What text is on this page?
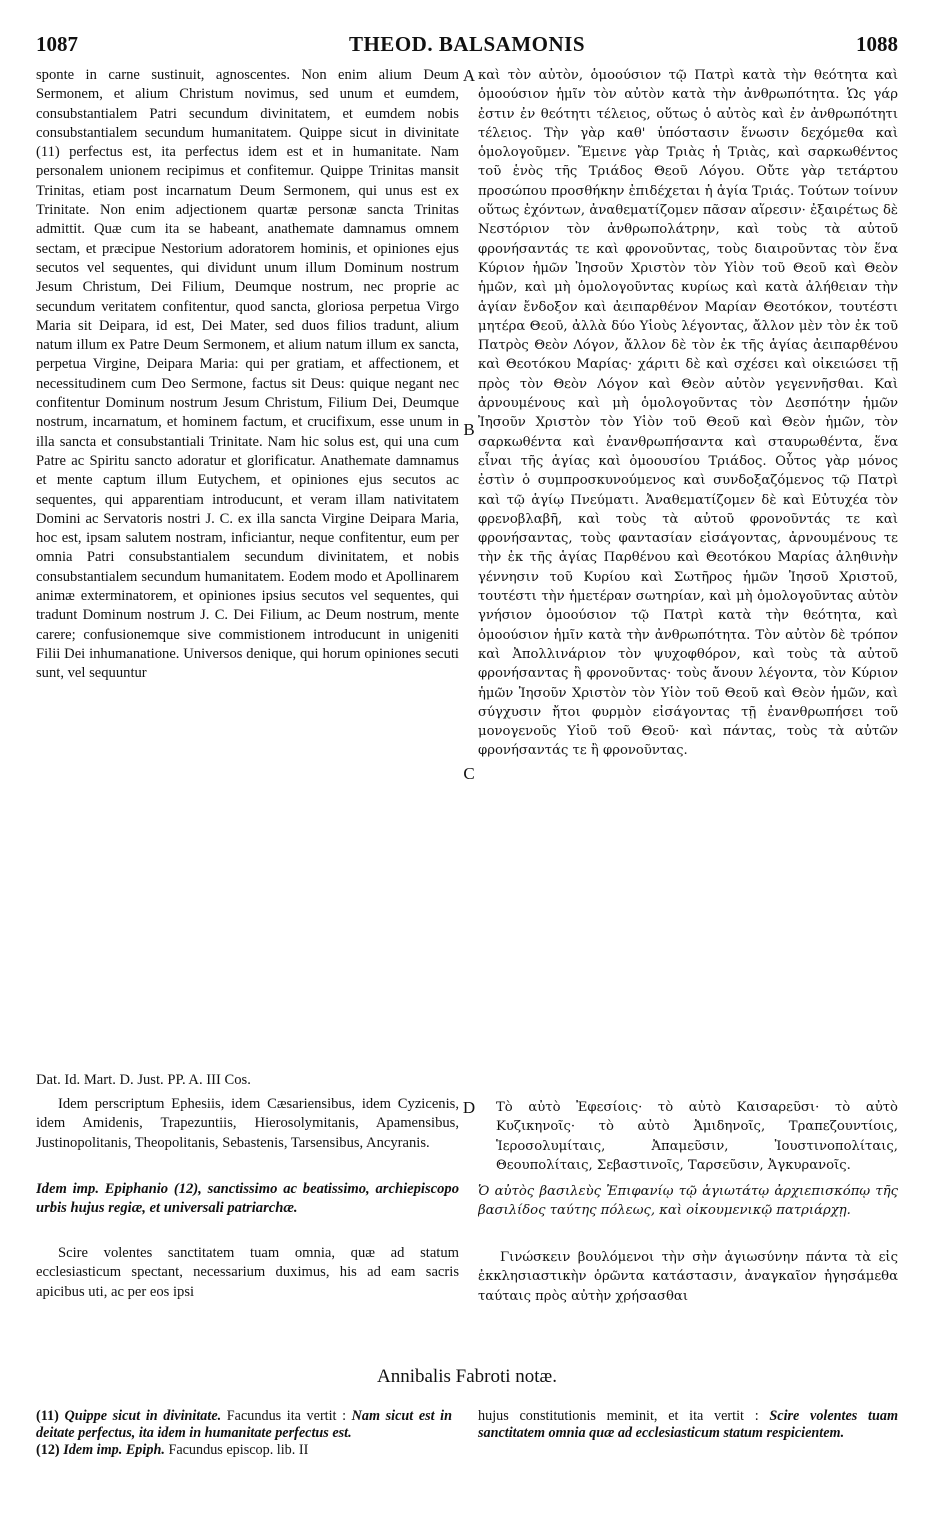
1087	THEOD. BALSAMONIS	1088

sponte in carne sustinuit, agnoscentes. Non enim alium Deum Sermonem, et alium Christum novimus, sed unum et eumdem, consubstantialem Patri secundum divinitatem, et eumdem nobis consubstantialem secundum humanitatem. Quippe sicut in divinitate (11) perfectus est, ita perfectus idem est et in humanitate. Nam personalem unionem recipimus et confitemur. Quippe Trinitas mansit Trinitas, etiam post incarnatum Deum Sermonem, qui unus est ex Trinitate. Non enim adjectionem quartæ personæ sancta Trinitas admittit. Quæ cum ita se habeant, anathemate damnamus omnem sectam, et præcipue Nestorium adoratorem hominis, et opiniones ejus secutos vel sequentes, qui dividunt unum illum Dominum nostrum Jesum Christum, Dei Filium, Deumque nostrum, nec proprie ac secundum veritatem confitentur, quod sancta, gloriosa perpetua Virgo Maria sit Deipara, id est, Dei Mater, sed duos filios tradunt, alium natum illum ex Patre Deum Sermonem, et alium natum illum ex sancta, perpetua Virgine, Deipara Maria: qui per gratiam, et affectionem, et necessitudinem cum Deo Sermone, factus sit Deus: quique negant nec confitentur Dominum nostrum Jesum Christum, Filium Dei, Deumque nostrum, incarnatum, et hominem factum, et crucifixum, esse unum in illa sancta et consubstantiali Trinitate. Nam hic solus est, qui una cum Patre ac Spiritu sancto adoratur et glorificatur. Anathemate damnamus et mente captum illum Eutychem, et opiniones ejus secutos ac sequentes, qui apparentiam introducunt, et veram illam nativitatem Domini ac Servatoris nostri J. C. ex illa sancta Virgine Deipara Maria, hoc est, ipsam salutem nostram, inficiantur, neque confitentur, eum per omnia Patri consubstantialem secundum divinitatem, et nobis consubstantialem secundum humanitatem. Eodem modo et Apollinarem animæ exterminatorem, et opiniones ipsius secutos vel sequentes, qui tradunt Dominum nostrum J. C. Dei Filium, ac Deum nostrum, mente carere; confusionemque sive commistionem introducunt in unigeniti Filii Dei inhumanatione. Universos denique, qui horum opiniones secuti sunt, vel sequuntur

Dat. Id. Mart. D. Just. PP. A. III Cos.

Idem perscriptum Ephesiis, idem Cæsariensibus, idem Cyzicenis, idem Amidenis, Trapezuntiis, Hierosolymitanis, Apamensibus, Justinopolitanis, Theopolitanis, Sebastenis, Tarsensibus, Ancyranis.

Idem imp. Epiphanio (12), sanctissimo ac beatissimo, archiepiscopo urbis hujus regiæ, et universali patriarchæ.

Scire volentes sanctitatem tuam omnia, quæ ad statum ecclesiasticum spectant, necessarium duximus, his ad eam sacris apicibus uti, ac per eos ipsi

A
B
C
D

καὶ τὸν αὐτὸν, ὁμοούσιον τῷ Πατρὶ κατὰ τὴν θεότητα καὶ ὁμοούσιον ἡμῖν τὸν αὐτὸν κατὰ τὴν ἀνθρωπότητα. Ὡς γάρ ἐστιν ἐν θεότητι τέλειος, οὕτως ὁ αὐτὸς καὶ ἐν ἀνθρωπότητι τέλειος. Τὴν γὰρ καθ' ὑπόστασιν ἕνωσιν δεχόμεθα καὶ ὁμολογοῦμεν. Ἔμεινε γὰρ Τριὰς ἡ Τριὰς, καὶ σαρκωθέντος τοῦ ἑνὸς τῆς Τριάδος Θεοῦ Λόγου. Οὔτε γὰρ τετάρτου προσώπου προσθήκην ἐπιδέχεται ἡ ἁγία Τριάς. Τούτων τοίνυν οὕτως ἐχόντων, ἀναθεματίζομεν πᾶσαν αἵρεσιν· ἐξαιρέτως δὲ Νεστόριον τὸν ἀνθρωπολάτρην, καὶ τοὺς τὰ αὐτοῦ φρονήσαντάς τε καὶ φρονοῦντας, τοὺς διαιροῦντας τὸν ἕνα Κύριον ἡμῶν Ἰησοῦν Χριστὸν τὸν Υἱὸν τοῦ Θεοῦ καὶ Θεὸν ἡμῶν, καὶ μὴ ὁμολογοῦντας κυρίως καὶ κατὰ ἀλήθειαν τὴν ἁγίαν ἔνδοξον καὶ ἀειπαρθένον Μαρίαν Θεοτόκον, τουτέστι μητέρα Θεοῦ, ἀλλὰ δύο Υἱοὺς λέγοντας, ἄλλον μὲν τὸν ἐκ τοῦ Πατρὸς Θεὸν Λόγον, ἄλλον δὲ τὸν ἐκ τῆς ἁγίας ἀειπαρθένου καὶ Θεοτόκου Μαρίας· χάριτι δὲ καὶ σχέσει καὶ οἰκειώσει τῇ πρὸς τὸν Θεὸν Λόγον καὶ Θεὸν αὐτὸν γεγεννῆσθαι. Καὶ ἀρνουμένους καὶ μὴ ὁμολογοῦντας τὸν Δεσπότην ἡμῶν Ἰησοῦν Χριστὸν τὸν Υἱὸν τοῦ Θεοῦ καὶ Θεὸν ἡμῶν, τὸν σαρκωθέντα καὶ ἐνανθρωπήσαντα καὶ σταυρωθέντα, ἕνα εἶναι τῆς ἁγίας καὶ ὁμοουσίου Τριάδος. Οὗτος γὰρ μόνος ἐστὶν ὁ συμπροσκυνούμενος καὶ συνδοξαζόμενος τῷ Πατρὶ καὶ τῷ ἁγίῳ Πνεύματι. Ἀναθεματίζομεν δὲ καὶ Εὐτυχέα τὸν φρενοβλαβῆ, καὶ τοὺς τὰ αὐτοῦ φρονοῦντάς τε καὶ φρονήσαντας, τοὺς φαντασίαν εἰσάγοντας, ἀρνουμένους τε τὴν ἐκ τῆς ἁγίας Παρθένου καὶ Θεοτόκου Μαρίας ἀληθινὴν γέννησιν τοῦ Κυρίου καὶ Σωτῆρος ἡμῶν Ἰησοῦ Χριστοῦ, τουτέστι τὴν ἡμετέραν σωτηρίαν, καὶ μὴ ὁμολογοῦντας αὐτὸν γνήσιον ὁμοούσιον τῷ Πατρὶ κατὰ τὴν θεότητα, καὶ ὁμοούσιον ἡμῖν κατὰ τὴν ἀνθρωπότητα. Τὸν αὐτὸν δὲ τρόπον καὶ Ἀπολλινάριον τὸν ψυχοφθόρον, καὶ τοὺς τὰ αὐτοῦ φρονήσαντας ἢ φρονοῦντας· τοὺς ἄνουν λέγοντα, τὸν Κύριον ἡμῶν Ἰησοῦν Χριστὸν τὸν Υἱὸν τοῦ Θεοῦ καὶ Θεὸν ἡμῶν, καὶ σύγχυσιν ἤτοι φυρμὸν εἰσάγοντας τῇ ἐνανθρωπήσει τοῦ μονογενοῦς Υἱοῦ τοῦ Θεοῦ· καὶ πάντας, τοὺς τὰ αὐτῶν φρονήσαντάς τε ἢ φρονοῦντας.

Τὸ αὐτὸ Ἐφεσίοις· τὸ αὐτὸ Καισαρεῦσι· τὸ αὐτὸ Κυζικηνοῖς· τὸ αὐτὸ Ἀμιδηνοῖς, Τραπεζουντίοις, Ἱεροσολυμίταις, Ἀπαμεῦσιν, Ἰουστινοπολίταις, Θεουπολίταις, Σεβαστινοῖς, Ταρσεῦσιν, Ἀγκυρανοῖς.

Ὁ αὐτὸς βασιλεὺς Ἐπιφανίῳ τῷ ἁγιωτάτῳ ἀρχιεπισκόπῳ τῆς βασιλίδος ταύτης πόλεως, καὶ οἰκουμενικῷ πατριάρχῃ.

Γινώσκειν βουλόμενοι τὴν σὴν ἁγιωσύνην πάντα τὰ εἰς ἐκκλησιαστικὴν ὁρῶντα κατάστασιν, ἀναγκαῖον ἡγησάμεθα ταύταις πρὸς αὐτὴν χρήσασθαι

Annibalis Fabroti notæ.
(11) Quippe sicut in divinitate. Facundus ita vertit : Nam sicut est in deitate perfectus, ita idem in humanitate perfectus est.
(12) Idem imp. Epiph. Facundus episcop. lib. II
hujus constitutionis meminit, et ita vertit : Scire volentes tuam sanctitatem omnia quæ ad ecclesiasticum statum respicientem.
